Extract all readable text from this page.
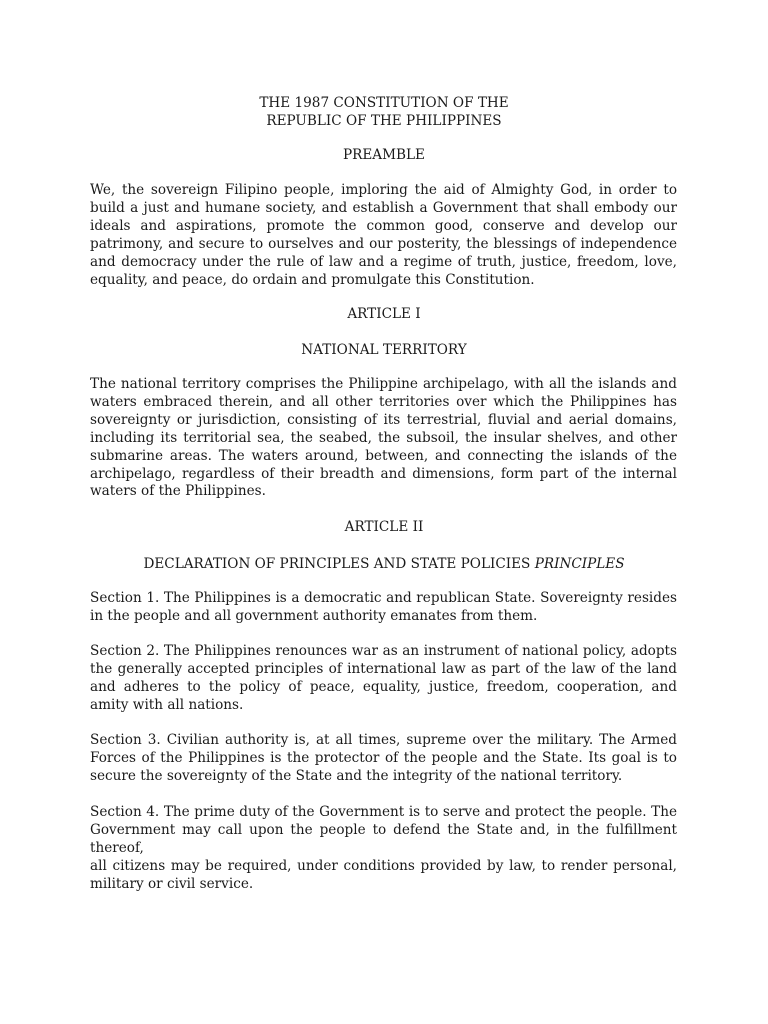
THE 1987 CONSTITUTION OF THE

REPUBLIC OF THE PHILIPPINES

PREAMBLE

We, the sovereign Filipino people, imploring the aid of Almighty God, in order to build a just and humane society, and establish a Government that shall embody our ideals and aspirations, promote the common good, conserve and develop our patrimony, and secure to ourselves and our posterity, the blessings of independence and democracy under the rule of law and a regime of truth, justice, freedom, love, equality, and peace, do ordain and promulgate this Constitution.

ARTICLE I

NATIONAL TERRITORY

The national territory comprises the Philippine archipelago, with all the islands and waters embraced therein, and all other territories over which the Philippines has sovereignty or jurisdiction, consisting of its terrestrial, fluvial and aerial domains, including its territorial sea, the seabed, the subsoil, the insular shelves, and other submarine areas. The waters around, between, and connecting the islands of the archipelago, regardless of their breadth and dimensions, form part of the internal waters of the Philippines.

ARTICLE II

DECLARATION OF PRINCIPLES AND STATE POLICIES PRINCIPLES

Section 1. The Philippines is a democratic and republican State. Sovereignty resides in the people and all government authority emanates from them.

Section 2. The Philippines renounces war as an instrument of national policy, adopts the generally accepted principles of international law as part of the law of the land and adheres to the policy of peace, equality, justice, freedom, cooperation, and amity with all nations.

Section 3. Civilian authority is, at all times, supreme over the military. The Armed Forces of the Philippines is the protector of the people and the State. Its goal is to secure the sovereignty of the State and the integrity of the national territory.

Section 4. The prime duty of the Government is to serve and protect the people. The Government may call upon the people to defend the State and, in the fulfillment thereof,

all citizens may be required, under conditions provided by law, to render personal, military or civil service.
